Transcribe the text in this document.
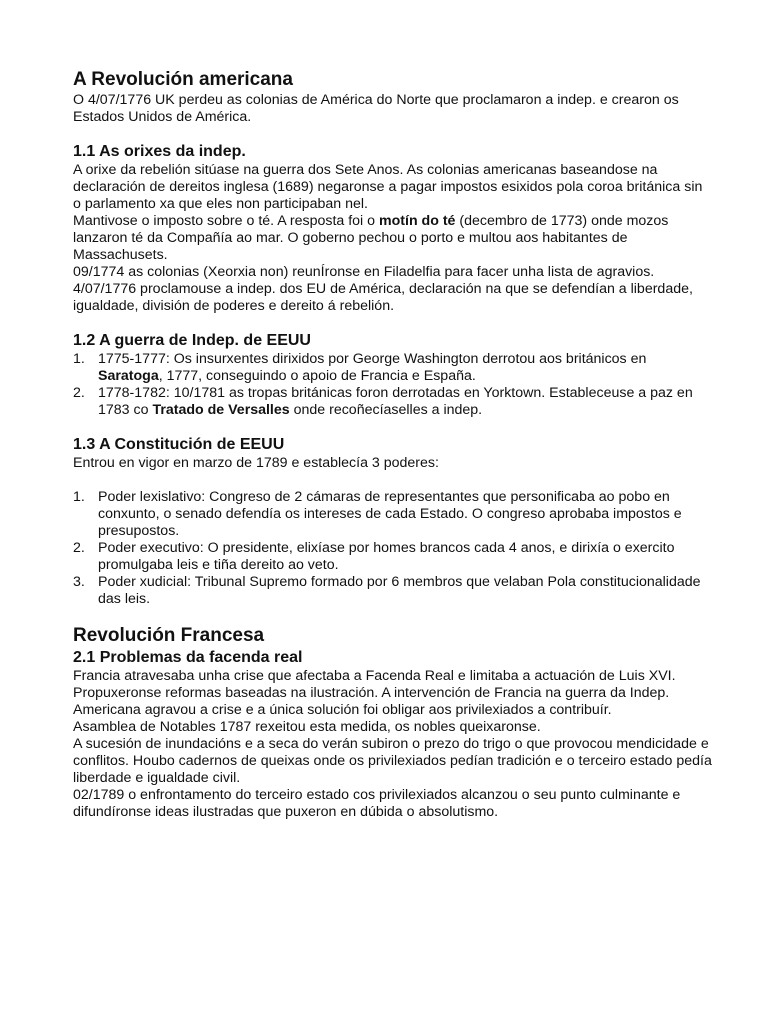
A Revolución americana

O 4/07/1776 UK perdeu as colonias de América do Norte que proclamaron a indep. e crearon os Estados Unidos de América.

1.1 As orixes da indep.

A orixe da rebelión sitúase na guerra dos Sete Anos. As colonias americanas baseandose na declaración de dereitos inglesa (1689) negaronse a pagar impostos esixidos pola coroa británica sin o parlamento xa que eles non participaban nel.

Mantivose o imposto sobre o té. A resposta foi o motín do té (decembro de 1773) onde mozos lanzaron té da Compañía ao mar. O goberno pechou o porto e multou aos habitantes de Massachusets.

09/1774 as colonias (Xeorxia non) reunÍronse en Filadelfia para facer unha lista de agravios. 4/07/1776 proclamouse a indep. dos EU de América, declaración na que se defendían a liberdade, igualdade, división de poderes e dereito á rebelión.

1.2 A guerra de Indep. de EEUU
1. 1775-1777: Os insurxentes dirixidos por George Washington derrotou aos británicos en Saratoga, 1777, conseguindo o apoio de Francia e España.
2. 1778-1782: 10/1781 as tropas británicas foron derrotadas en Yorktown. Estableceuse a paz en 1783 co Tratado de Versalles onde recoñecíaselles a indep.
1.3 A Constitución de EEUU

Entrou en vigor en marzo de 1789 e establecía 3 poderes:

1. Poder lexislativo: Congreso de 2 cámaras de representantes que personificaba ao pobo en conxunto, o senado defendía os intereses de cada Estado. O congreso aprobaba impostos e presupostos.
2. Poder executivo: O presidente, elixíase por homes brancos cada 4 anos, e dirixía o exercito promulgaba leis e tiña dereito ao veto.
3. Poder xudicial: Tribunal Supremo formado por 6 membros que velaban Pola constitucionalidade das leis.
Revolución Francesa
2.1 Problemas da facenda real

Francia atravesaba unha crise que afectaba a Facenda Real e limitaba a actuación de Luis XVI.

Propuxeronse reformas baseadas na ilustración. A intervención de Francia na guerra da Indep. Americana agravou a crise e a única solución foi obligar aos privilexiados a contribuír.

Asamblea de Notables 1787 rexeitou esta medida, os nobles queixaronse.

A sucesión de inundacións e a seca do verán subiron o prezo do trigo o que provocou mendicidade e conflitos. Houbo cadernos de queixas onde os privilexiados pedían tradición e o terceiro estado pedía liberdade e igualdade civil.

02/1789 o enfrontamento do terceiro estado cos privilexiados alcanzou o seu punto culminante e difundíronse ideas ilustradas que puxeron en dúbida o absolutismo.
